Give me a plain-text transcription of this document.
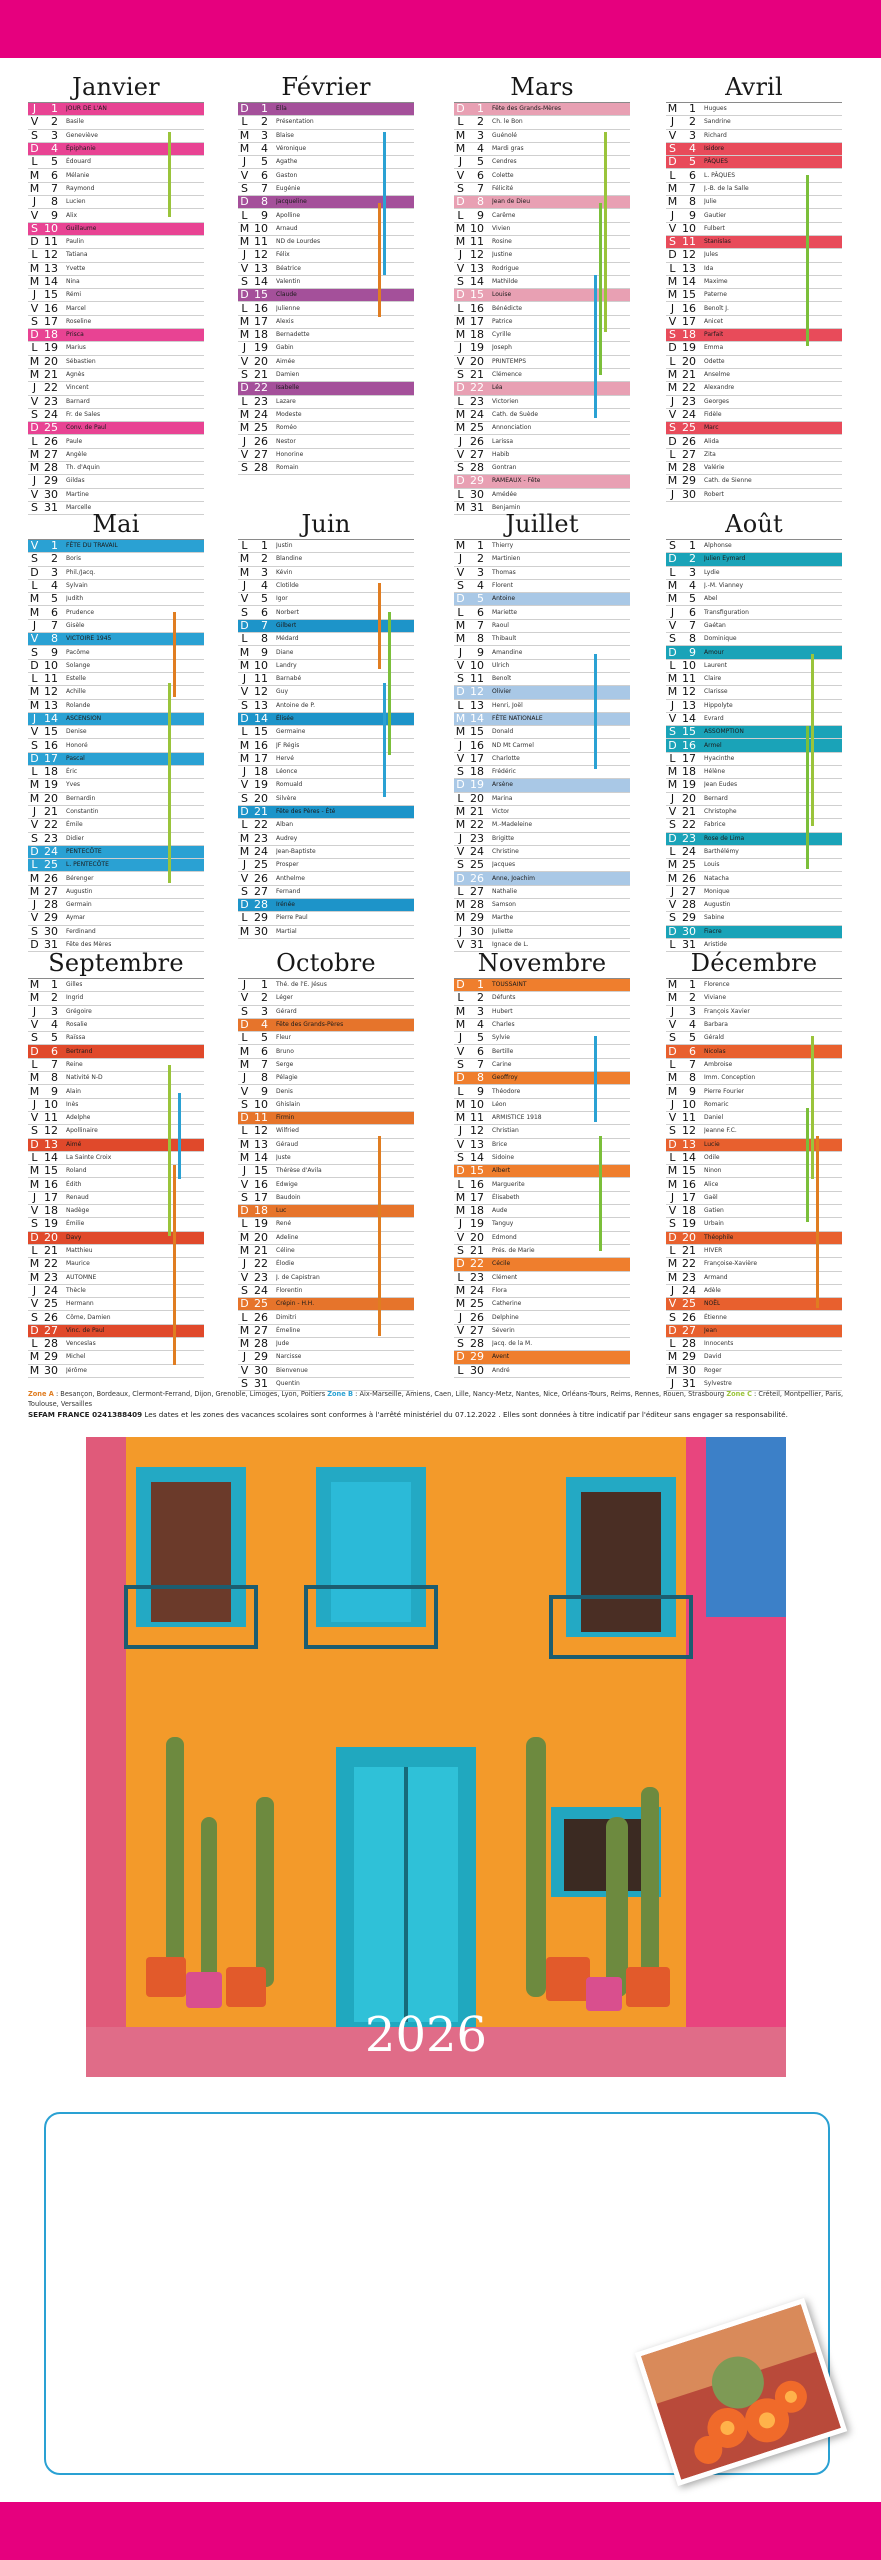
Janvier
J	1 JOUR DE L'AN
V	2 Basile
S	3 Geneviève
D	4 Épiphanie
L	5 Édouard
M	6 Mélanie
M	7 Raymond
J	8 Lucien
V	9 Alix
S 10 Guillaume
D 11 Paulin
L 12 Tatiana
M 13 Yvette
M 14 Nina
J 15 Rémi
V 16 Marcel
S 17 Roseline
D 18 Prisca
L 19 Marius
M 20 Sébastien
M 21 Agnès
J 22 Vincent
V 23 Barnard
S 24 Fr. de Sales
D 25 Conv. de Paul
L 26 Paule
M 27 Angèle
M 28 Th. d'Aquin
J 29 Gildas
V 30 Martine
S 31 Marcelle
Février
D	1 Ella
L	2 Présentation
M	3 Blaise
M	4 Véronique
J	5 Agathe
V	6 Gaston
S	7 Eugénie
D	8 Jacqueline
L	9 Apolline
M 10 Arnaud
M 11 ND de Lourdes
J 12 Félix
V 13 Béatrice
S 14 Valentin
D 15 Claude
L 16 Julienne
M 17 Alexis
M 18 Bernadette
J 19 Gabin
V 20 Aimée
S 21 Damien
D 22 Isabelle
L 23 Lazare
M 24 Modeste
M 25 Roméo
J 26 Nestor
V 27 Honorine
S 28 Romain
Mars
D	1 Fête des Grands-Mères
L	2 Ch. le Bon
M	3 Guénolé
M	4 Mardi gras
J	5 Cendres
V	6 Colette
S	7 Félicité
D	8 Jean de Dieu
L	9 Carême
M 10 Vivien
M 11 Rosine
J 12 Justine
V 13 Rodrigue
S 14 Mathilde
D 15 Louise
L 16 Bénédicte
M 17 Patrice
M 18 Cyrille
J 19 Joseph
V 20 PRINTEMPS
S 21 Clémence
D 22 Léa
L 23 Victorien
M 24 Cath. de Suède
M 25 Annonciation
J 26 Larissa
V 27 Habib
S 28 Gontran
D 29 RAMEAUX - Fête
L 30 Amédée
M 31 Benjamin
Avril
M	1 Hugues
J	2 Sandrine
V	3 Richard
S	4 Isidore
D	5 PÂQUES
L	6 L. PÂQUES
M	7 J.-B. de la Salle
M	8 Julie
J	9 Gautier
V 10 Fulbert
S 11 Stanislas
D 12 Jules
L 13 Ida
M 14 Maxime
M 15 Paterne
J 16 Benoît J.
V 17 Anicet
S 18 Parfait
D 19 Emma
L 20 Odette
M 21 Anselme
M 22 Alexandre
J 23 Georges
V 24 Fidèle
S 25 Marc
D 26 Alida
L 27 Zita
M 28 Valérie
M 29 Cath. de Sienne
J 30 Robert
Mai
V	1 FÊTE DU TRAVAIL
S	2 Boris
D	3 Phil./Jacq.
L	4 Sylvain
M	5 Judith
M	6 Prudence
J	7 Gisèle
V	8 VICTOIRE 1945
S	9 Pacôme
D 10 Solange
L 11 Estelle
M 12 Achille
M 13 Rolande
J 14 ASCENSION
V 15 Denise
S 16 Honoré
D 17 Pascal
L 18 Éric
M 19 Yves
M 20 Bernardin
J 21 Constantin
V 22 Émile
S 23 Didier
D 24 PENTECÔTE
L 25 L. PENTECÔTE
M 26 Bérenger
M 27 Augustin
J 28 Germain
V 29 Aymar
S 30 Ferdinand
D 31 Fête des Mères
Juin
L	1 Justin
M	2 Blandine
M	3 Kévin
J	4 Clotilde
V	5 Igor
S	6 Norbert
D	7 Gilbert
L	8 Médard
M	9 Diane
M 10 Landry
J 11 Barnabé
V 12 Guy
S 13 Antoine de P.
D 14 Élisée
L 15 Germaine
M 16 JF Régis
M 17 Hervé
J 18 Léonce
V 19 Romuald
S 20 Silvère
D 21 Fête des Pères - Été
L 22 Alban
M 23 Audrey
M 24 Jean-Baptiste
J 25 Prosper
V 26 Anthelme
S 27 Fernand
D 28 Irénée
L 29 Pierre Paul
M 30 Martial
Juillet
M	1 Thierry
J	2 Martinien
V	3 Thomas
S	4 Florent
D	5 Antoine
L	6 Mariette
M	7 Raoul
M	8 Thibault
J	9 Amandine
V 10 Ulrich
S 11 Benoît
D 12 Olivier
L 13 Henri, Joël
M 14 FÊTE NATIONALE
M 15 Donald
J 16 ND Mt Carmel
V 17 Charlotte
S 18 Frédéric
D 19 Arsène
L 20 Marina
M 21 Victor
M 22 M.-Madeleine
J 23 Brigitte
V 24 Christine
S 25 Jacques
D 26 Anne, Joachim
L 27 Nathalie
M 28 Samson
M 29 Marthe
J 30 Juliette
V 31 Ignace de L.
Août
S	1 Alphonse
D	2 Julien Eymard
L	3 Lydie
M	4 J.-M. Vianney
M	5 Abel
J	6 Transfiguration
V	7 Gaétan
S	8 Dominique
D	9 Amour
L 10 Laurent
M 11 Claire
M 12 Clarisse
J 13 Hippolyte
V 14 Evrard
S 15 ASSOMPTION
D 16 Armel
L 17 Hyacinthe
M 18 Hélène
M 19 Jean Eudes
J 20 Bernard
V 21 Christophe
S 22 Fabrice
D 23 Rose de Lima
L 24 Barthélémy
M 25 Louis
M 26 Natacha
J 27 Monique
V 28 Augustin
S 29 Sabine
D 30 Fiacre
L 31 Aristide
Septembre
M	1 Gilles
M	2 Ingrid
J	3 Grégoire
V	4 Rosalie
S	5 Raïssa
D	6 Bertrand
L	7 Reine
M	8 Nativité N-D
M	9 Alain
J 10 Inès
V 11 Adelphe
S 12 Apollinaire
D 13 Aimé
L 14 La Sainte Croix
M 15 Roland
M 16 Édith
J 17 Renaud
V 18 Nadège
S 19 Émilie
D 20 Davy
L 21 Matthieu
M 22 Maurice
M 23 AUTOMNE
J 24 Thècle
V 25 Hermann
S 26 Côme, Damien
D 27 Vinc. de Paul
L 28 Venceslas
M 29 Michel
M 30 Jérôme
Octobre
J	1 Thé. de l'E. Jésus
V	2 Léger
S	3 Gérard
D	4 Fête des Grands-Pères
L	5 Fleur
M	6 Bruno
M	7 Serge
J	8 Pélagie
V	9 Denis
S 10 Ghislain
D 11 Firmin
L 12 Wilfried
M 13 Géraud
M 14 Juste
J 15 Thérèse d'Avila
V 16 Edwige
S 17 Baudoin
D 18 Luc
L 19 René
M 20 Adeline
M 21 Céline
J 22 Élodie
V 23 J. de Capistran
S 24 Florentin
D 25 Crépin - H.H.
L 26 Dimitri
M 27 Émeline
M 28 Jude
J 29 Narcisse
V 30 Bienvenue
S 31 Quentin
Novembre
D	1 TOUSSAINT
L	2 Défunts
M	3 Hubert
M	4 Charles
J	5 Sylvie
V	6 Bertille
S	7 Carine
D	8 Geoffroy
L	9 Théodore
M 10 Léon
M 11 ARMISTICE 1918
J 12 Christian
V 13 Brice
S 14 Sidoine
D 15 Albert
L 16 Marguerite
M 17 Élisabeth
M 18 Aude
J 19 Tanguy
V 20 Edmond
S 21 Prés. de Marie
D 22 Cécile
L 23 Clément
M 24 Flora
M 25 Catherine
J 26 Delphine
V 27 Séverin
S 28 Jacq. de la M.
D 29 Avent
L 30 André
Décembre
M	1 Florence
M	2 Viviane
J	3 François Xavier
V	4 Barbara
S	5 Gérald
D	6 Nicolas
L	7 Ambroise
M	8 Imm. Conception
M	9 Pierre Fourier
J 10 Romaric
V 11 Daniel
S 12 Jeanne F.C.
D 13 Lucie
L 14 Odile
M 15 Ninon
M 16 Alice
J 17 Gaël
V 18 Gatien
S 19 Urbain
D 20 Théophile
L 21 HIVER
M 22 Françoise-Xavière
M 23 Armand
J 24 Adèle
V 25 NOËL
S 26 Étienne
D 27 Jean
L 28 Innocents
M 29 David
M 30 Roger
J 31 Sylvestre
Zone A : Besançon, Bordeaux, Clermont-Ferrand, Dijon, Grenoble, Limoges, Lyon, Poitiers Zone B : Aix-Marseille, Amiens, Caen, Lille, Nancy-Metz, Nantes, Nice, Orléans-Tours, Reims, Rennes, Rouen, Strasbourg Zone C : Créteil, Montpellier, Paris, Toulouse, Versailles
SEFAM FRANCE 0241388409 Les dates et les zones des vacances scolaires sont conformes à l'arrêté ministériel du 07.12.2022 . Elles sont données à titre indicatif par l'éditeur sans engager sa responsabilité.
2026
